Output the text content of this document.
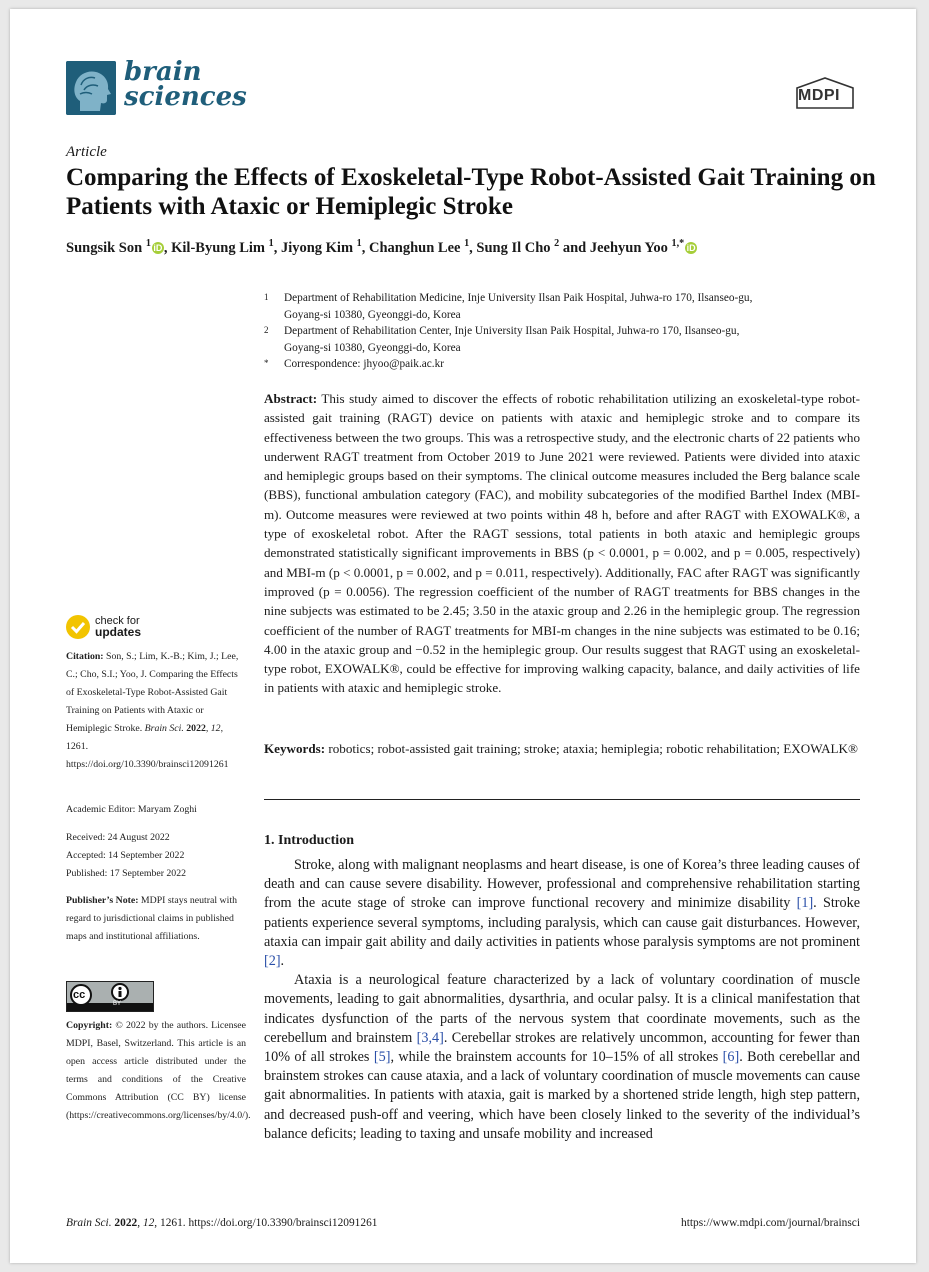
brain
sciences	MDPI
Article
Comparing the Effects of Exoskeletal-Type Robot-Assisted Gait Training on Patients with Ataxic or Hemiplegic Stroke
Sungsik Son $^1$ iD , Kil-Byung Lim $^1$, Jiyong Kim $^1$, Changhun Lee $^1$, Sung Il Cho $^2$ and Jeehyun Yoo $^{1,*}$ iD
1 Department of Rehabilitation Medicine, Inje University Ilsan Paik Hospital, Juhwa-ro 170, Ilsanseo-gu,
Goyang-si 10380, Gyeonggi-do, Korea
2 Department of Rehabilitation Center, Inje University Ilsan Paik Hospital, Juhwa-ro 170, Ilsanseo-gu,
Goyang-si 10380, Gyeonggi-do, Korea
* Correspondence: jhyoo@paik.ac.kr
Abstract: This study aimed to discover the effects of robotic rehabilitation utilizing an exoskeletal-type robot-assisted gait training (RAGT) device on patients with ataxic and hemiplegic stroke and to compare its effectiveness between the two groups. This was a retrospective study, and the electronic charts of 22 patients who underwent RAGT treatment from October 2019 to June 2021 were reviewed. Patients were divided into ataxic and hemiplegic groups based on their symptoms. The clinical outcome measures included the Berg balance scale (BBS), functional ambulation category (FAC), and mobility subcategories of the modified Barthel Index (MBI-m). Outcome measures were reviewed at two points within 48 h, before and after RAGT with EXOWALK®, a type of exoskeletal robot. After the RAGT sessions, total patients in both ataxic and hemiplegic groups demonstrated statistically significant improvements in BBS (p < 0.0001, p = 0.002, and p = 0.005, respectively) and MBI-m (p < 0.0001, p = 0.002, and p = 0.011, respectively). Additionally, FAC after RAGT was significantly improved (p = 0.0056). The regression coefficient of the number of RAGT treatments for BBS changes in the nine subjects was estimated to be 2.45; 3.50 in the ataxic group and 2.26 in the hemiplegic group. The regression coefficient of the number of RAGT treatments for MBI-m changes in the nine subjects was estimated to be 0.16; 4.00 in the ataxic group and −0.52 in the hemiplegic group. Our results suggest that RAGT using an exoskeletal-type robot, EXOWALK®, could be effective for improving walking capacity, balance, and daily activities of life in patients with ataxic and hemiplegic stroke.
Keywords: robotics; robot-assisted gait training; stroke; ataxia; hemiplegia; robotic rehabilitation; EXOWALK®
1. Introduction

Stroke, along with malignant neoplasms and heart disease, is one of Korea’s three leading causes of death and can cause severe disability. However, professional and comprehensive rehabilitation starting from the acute stage of stroke can improve functional recovery and minimize disability [1]. Stroke patients experience several symptoms, including paralysis, which can cause gait disturbances. However, ataxia can impair gait ability and daily activities in patients whose paralysis symptoms are not prominent [2].

Ataxia is a neurological feature characterized by a lack of voluntary coordination of muscle movements, leading to gait abnormalities, dysarthria, and ocular palsy. It is a clinical manifestation that indicates dysfunction of the parts of the nervous system that coordinate movements, such as the cerebellum and brainstem [3,4]. Cerebellar strokes are relatively uncommon, accounting for fewer than 10% of all strokes [5], while the brainstem accounts for 10–15% of all strokes [6]. Both cerebellar and brainstem strokes can cause ataxia, and a lack of voluntary coordination of muscle movements can cause gait abnormalities. In patients with ataxia, gait is marked by a shortened stride length, high step pattern, and decreased push-off and veering, which have been closely linked to the severity of the individual’s balance deficits; leading to taxing and unsafe mobility and increased

check for
updates
Citation: Son, S.; Lim, K.-B.; Kim, J.; Lee, C.; Cho, S.I.; Yoo, J. Comparing the Effects of Exoskeletal-Type Robot-Assisted Gait Training on Patients with Ataxic or Hemiplegic Stroke. Brain Sci. 2022, 12, 1261. https://doi.org/10.3390/brainsci12091261
Academic Editor: Maryam Zoghi
Received: 24 August 2022
Accepted: 14 September 2022
Published: 17 September 2022
Publisher’s Note: MDPI stays neutral with regard to jurisdictional claims in published maps and institutional affiliations.
cc
BY
Copyright: © 2022 by the authors. Licensee MDPI, Basel, Switzerland. This article is an open access article distributed under the terms and conditions of the Creative Commons Attribution (CC BY) license (https://creativecommons.org/licenses/by/4.0/).
Brain Sci. 2022, 12, 1261. https://doi.org/10.3390/brainsci12091261	https://www.mdpi.com/journal/brainsci
